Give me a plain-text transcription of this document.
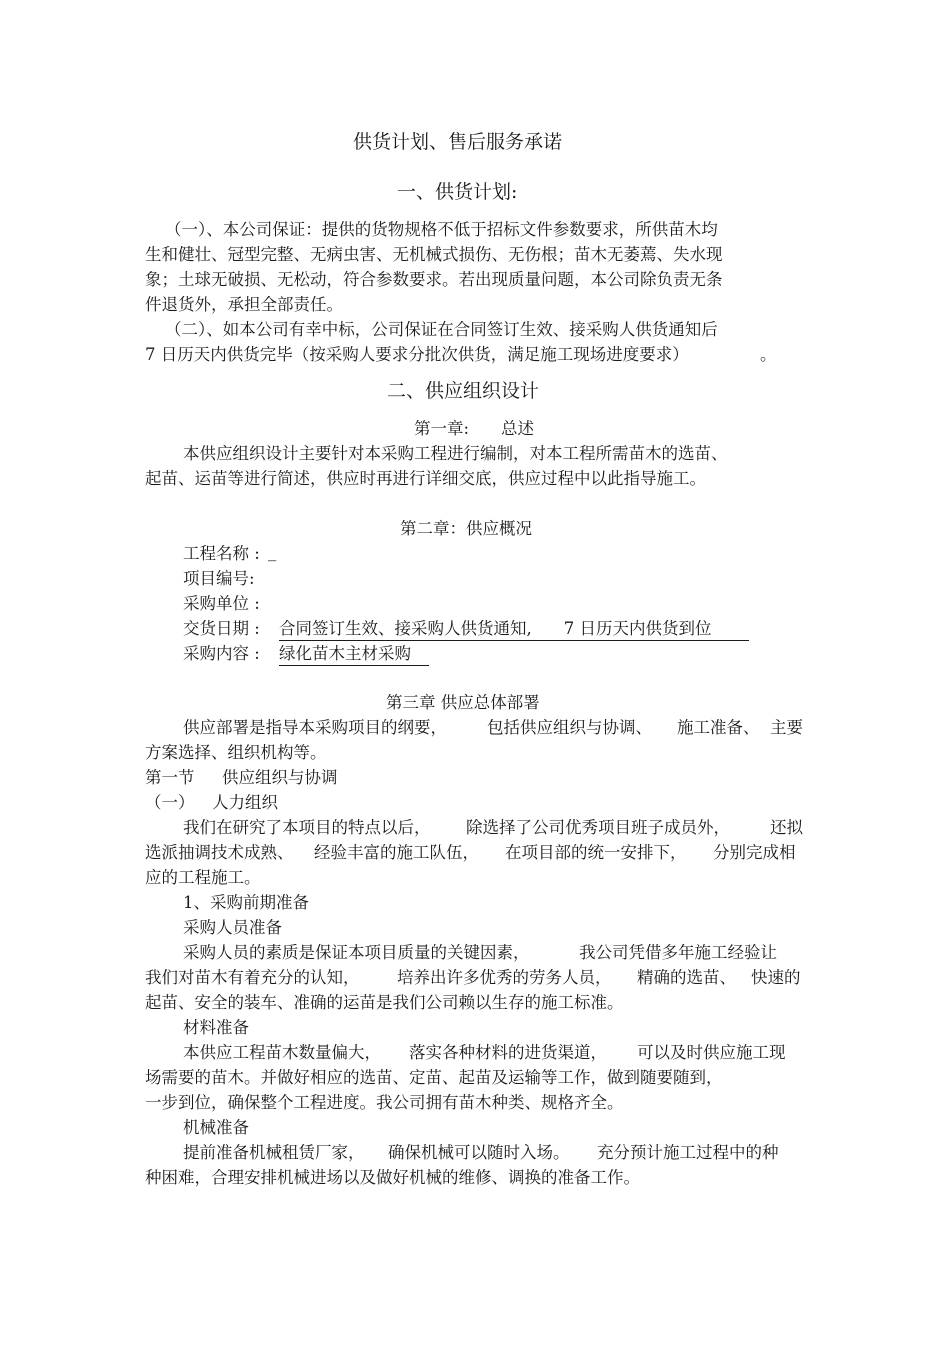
供货计划、售后服务承诺
一、供货计划:
（一）、本公司保证：提供的货物规格不低于招标文件参数要求，所供苗木均
生和健壮、冠型完整、无病虫害、无机械式损伤、无伤根；苗木无萎蔫、失水现
象；土球无破损、无松动，符合参数要求。若出现质量问题，本公司除负责无条
件退货外，承担全部责任。
（二）、如本公司有幸中标，公司保证在合同签订生效、接采购人供货通知后
7 日历天内供货完毕（按采购人要求分批次供货，满足施工现场进度要求）	。
二、供应组织设计
第一章: 总述
本供应组织设计主要针对本采购工程进行编制，对本工程所需苗木的选苗、
起苗、运苗等进行简述，供应时再进行详细交底，供应过程中以此指导施工。
第二章：供应概况
工程名称 : _
项目编号:
采购单位 :
交货日期 : 合同签订生效、接采购人供货通知, 7 日历天内供货到位
采购内容 : 绿化苗木主材采购
第三章 供应总体部署
供应部署是指导本采购项目的纲要， 包括供应组织与协调、 施工准备、 主要
方案选择、组织机构等。
第一节 供应组织与协调
（一） 人力组织
我们在研究了本项目的特点以后， 除选择了公司优秀项目班子成员外， 还拟
选派抽调技术成熟、 经验丰富的施工队伍， 在项目部的统一安排下， 分别完成相
应的工程施工。
1、采购前期准备
采购人员准备
采购人员的素质是保证本项目质量的关键因素，	我公司凭借多年施工经验让
我们对苗木有着充分的认知， 培养出许多优秀的劳务人员， 精确的选苗、 快速的
起苗、安全的装车、准确的运苗是我们公司赖以生存的施工标准。
材料准备
本供应工程苗木数量偏大， 落实各种材料的进货渠道， 可以及时供应施工现
场需要的苗木。并做好相应的选苗、定苗、起苗及运输等工作，做到随要随到，
一步到位，确保整个工程进度。我公司拥有苗木种类、规格齐全。
机械准备
提前准备机械租赁厂家， 确保机械可以随时入场。 充分预计施工过程中的种
种困难，合理安排机械进场以及做好机械的维修、调换的准备工作。
